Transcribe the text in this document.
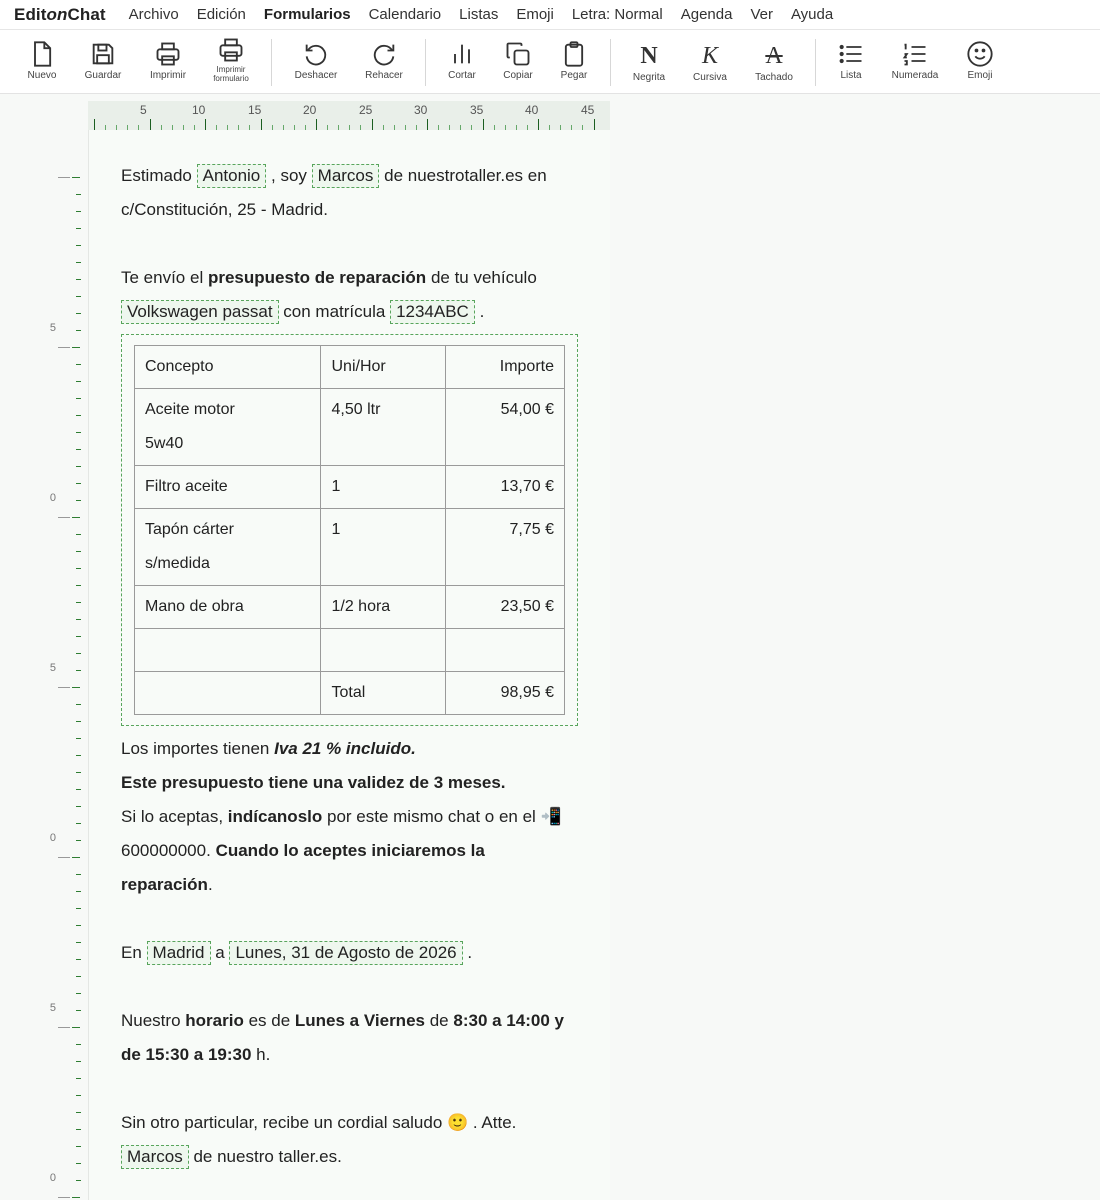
EditonChat	Archivo	Edición	Formularios	Calendario	Listas	Emoji	Letra: Normal	Agenda	Ver	Ayuda
Nuevo	Guardar	Imprimir
Imprimir
formulario	Deshacer	Rehacer	Cortar	Copiar	Pegar
N
Negrita
K
Cursiva
A
Tachado	Lista	Numerada	Emoji
5	10	15	20	25	30	35	40	45
5
0
5
0
5
0
Estimado Antonio , soy Marcos de nuestrotaller.es en
c/Constitución, 25 - Madrid.
Te envío el presupuesto de reparación de tu vehículo
Volkswagen passat con matrícula 1234ABC .
Concepto	Uni/Hor	Importe
Aceite motor
5w40	4,50 ltr	54,00 €
Filtro aceite	1	13,70 €
Tapón cárter
s/medida	1	7,75 €
Mano de obra	1/2 hora	23,50 €

	Total	98,95 €
Los importes tienen Iva 21 % incluido.
Este presupuesto tiene una validez de 3 meses.
Si lo aceptas, indícanoslo por este mismo chat o en el 📲
600000000. Cuando lo aceptes iniciaremos la
reparación.
En Madrid a Lunes, 31 de Agosto de 2026 .
Nuestro horario es de Lunes a Viernes de 8:30 a 14:00 y
de 15:30 a 19:30 h.
Sin otro particular, recibe un cordial saludo 🙂 . Atte.
Marcos de nuestro taller.es.
